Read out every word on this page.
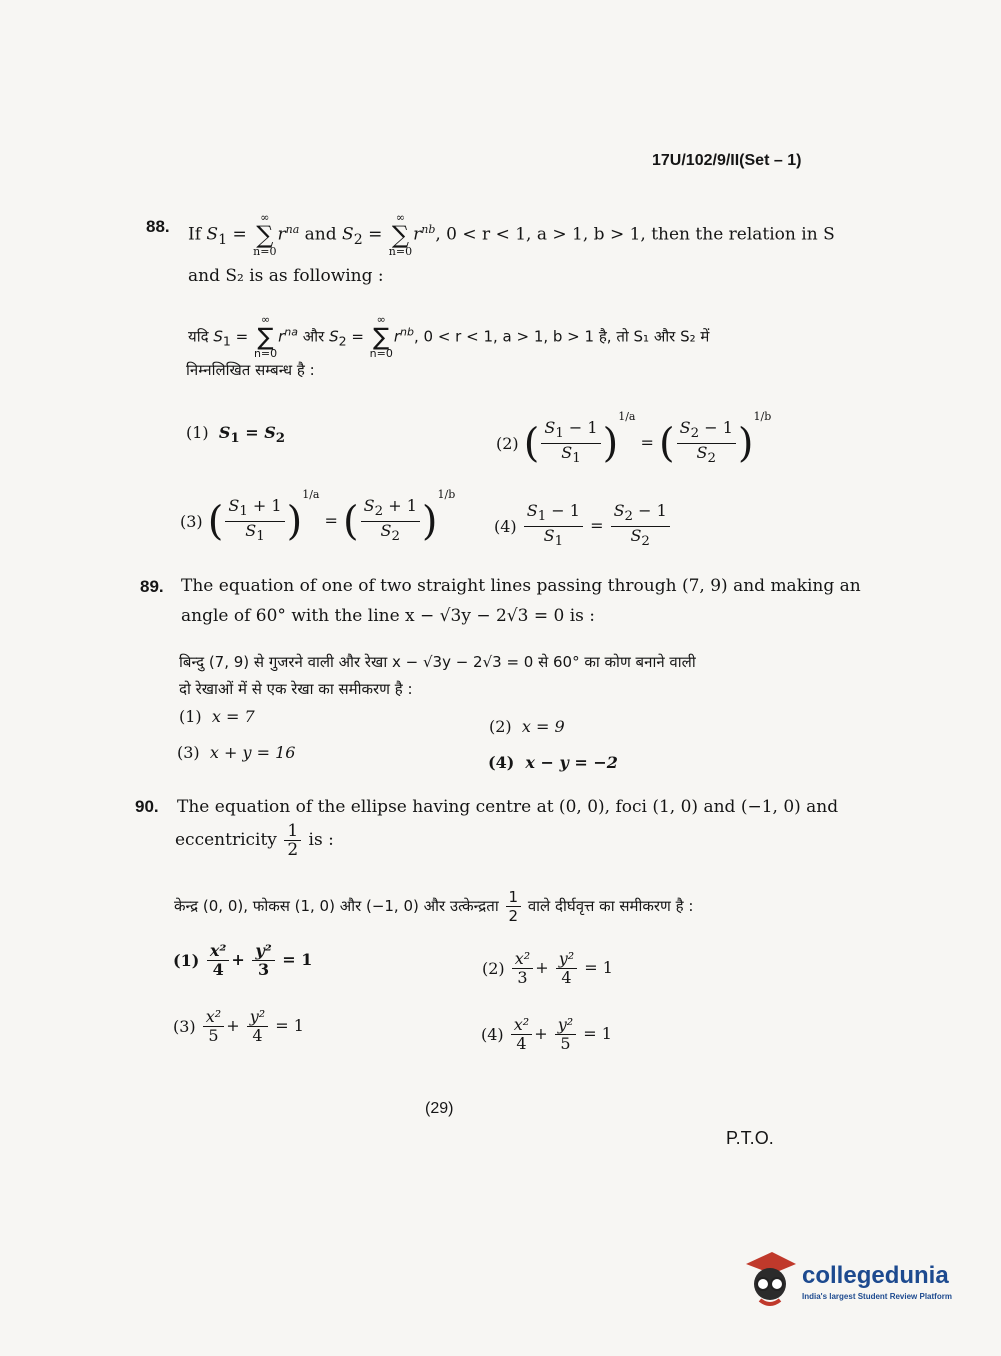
17U/102/9/II(Set – 1)
88. If $S_1$ =
∞
∑
n=0
$r^{na}$ and $S_2$ =
∞
∑
n=0
$r^{nb}$, 0 < r < 1, a > 1, b > 1, then the relation in S
and S₂ is as following :
यदि $S_1$ =
∞
∑
n=0
$r^{na}$ और $S_2$ =
∞
∑
n=0
$r^{nb}$, 0 < r < 1, a > 1, b > 1 है, तो S₁ और S₂ में
निम्नलिखित सम्बन्ध है :
(1) $S_1 = S_2$	(2) ( $\frac{S_1 - 1}{S_1} )^{1/a}$ = ( $\frac{S_2 - 1}{S_2} )^{1/b}$
(3) ( $\frac{S_1 + 1}{S_1} )^{1/a}$ = ( $\frac{S_2 + 1}{S_2} )^{1/b}$
$(4) \frac{S_1 - 1}{S_1} = \frac{S_2 - 1}{S_2}$
89. The equation of one of two straight lines passing through (7, 9) and making an
angle of 60° with the line x − √3y − 2√3 = 0 is :
बिन्दु (7, 9) से गुजरने वाली और रेखा x − √3y − 2√3 = 0 से 60° का कोण बनाने वाली
दो रेखाओं में से एक रेखा का समीकरण है :
(1) x = 7
(2) x = 9
(3) x + y = 16
(4) x − y = −2
90. The equation of the ellipse having centre at (0, 0), foci (1, 0) and (−1, 0) and
eccentricity $\frac{1}{2}$ is :
केन्द्र (0, 0), फोकस (1, 0) और (−1, 0) और उत्केन्द्रता $\frac{1}{2}$ वाले दीर्घवृत्त का समीकरण है :
$(1) \frac{\text{x²}}{4} + \frac{\text{y²}}{3} = 1$	$(2) \frac{\text{x²}}{3} + \frac{\text{y²}}{4} = 1$
$(3) \frac{\text{x²}}{5} + \frac{\text{y²}}{4} = 1$	$(4) \frac{\text{x²}}{4} + \frac{\text{y²}}{5} = 1$
(29)
P.T.O.
collegedunia
India's largest Student Review Platform
